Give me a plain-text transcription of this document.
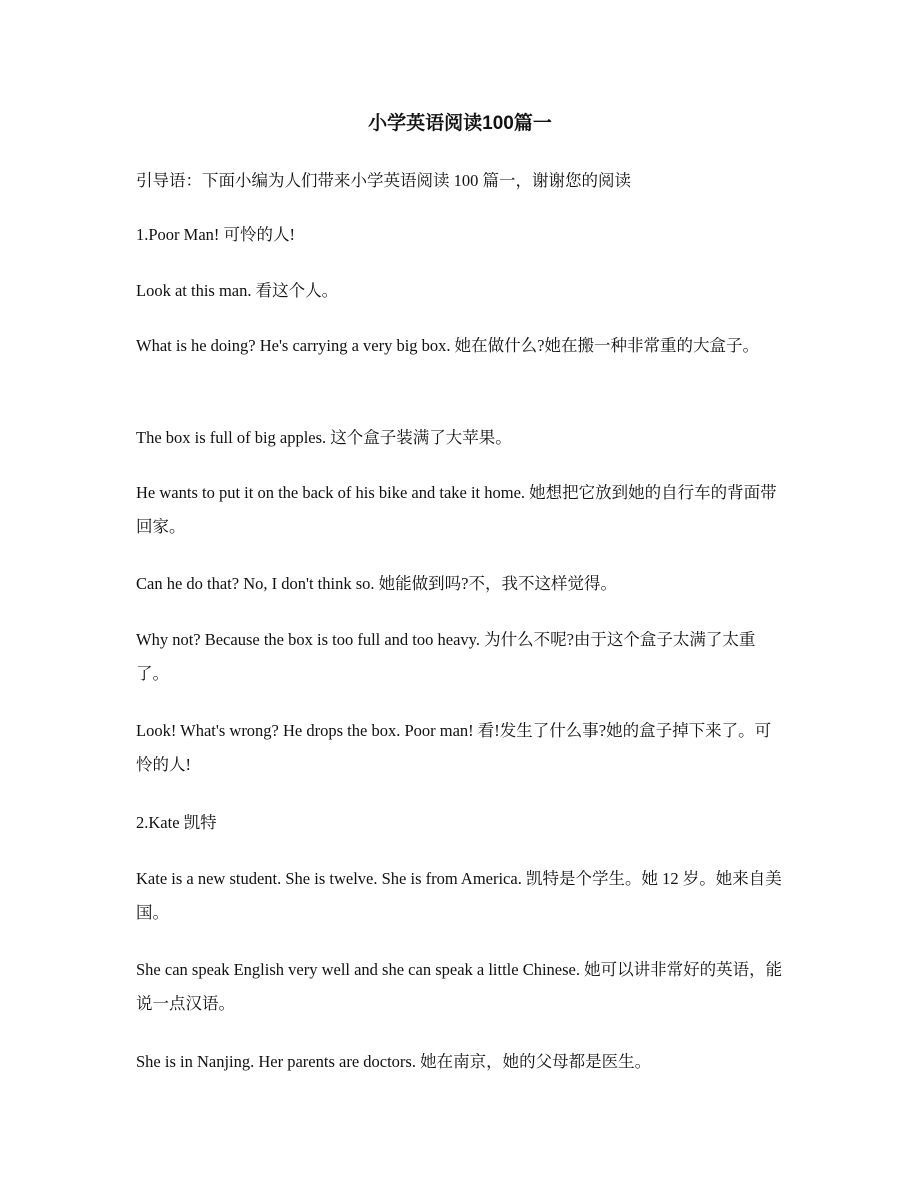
小学英语阅读100篇一

引导语：下面小编为人们带来小学英语阅读 100 篇一，谢谢您的阅读

1.Poor Man! 可怜的人!

Look at this man. 看这个人。

What is he doing? He's carrying a very big box. 她在做什么?她在搬一种非常重的大盒子。

The box is full of big apples. 这个盒子装满了大苹果。

He wants to put it on the back of his bike and take it home. 她想把它放到她的自行车的背面带回家。

Can he do that? No, I don't think so. 她能做到吗?不，我不这样觉得。

Why not? Because the box is too full and too heavy. 为什么不呢?由于这个盒子太满了太重了。

Look! What's wrong? He drops the box. Poor man! 看!发生了什么事?她的盒子掉下来了。可怜的人!

2.Kate 凯特

Kate is a new student. She is twelve. She is from America. 凯特是个学生。她 12 岁。她来自美国。

She can speak English very well and she can speak a little Chinese. 她可以讲非常好的英语，能说一点汉语。

She is in Nanjing. Her parents are doctors. 她在南京，她的父母都是医生。
